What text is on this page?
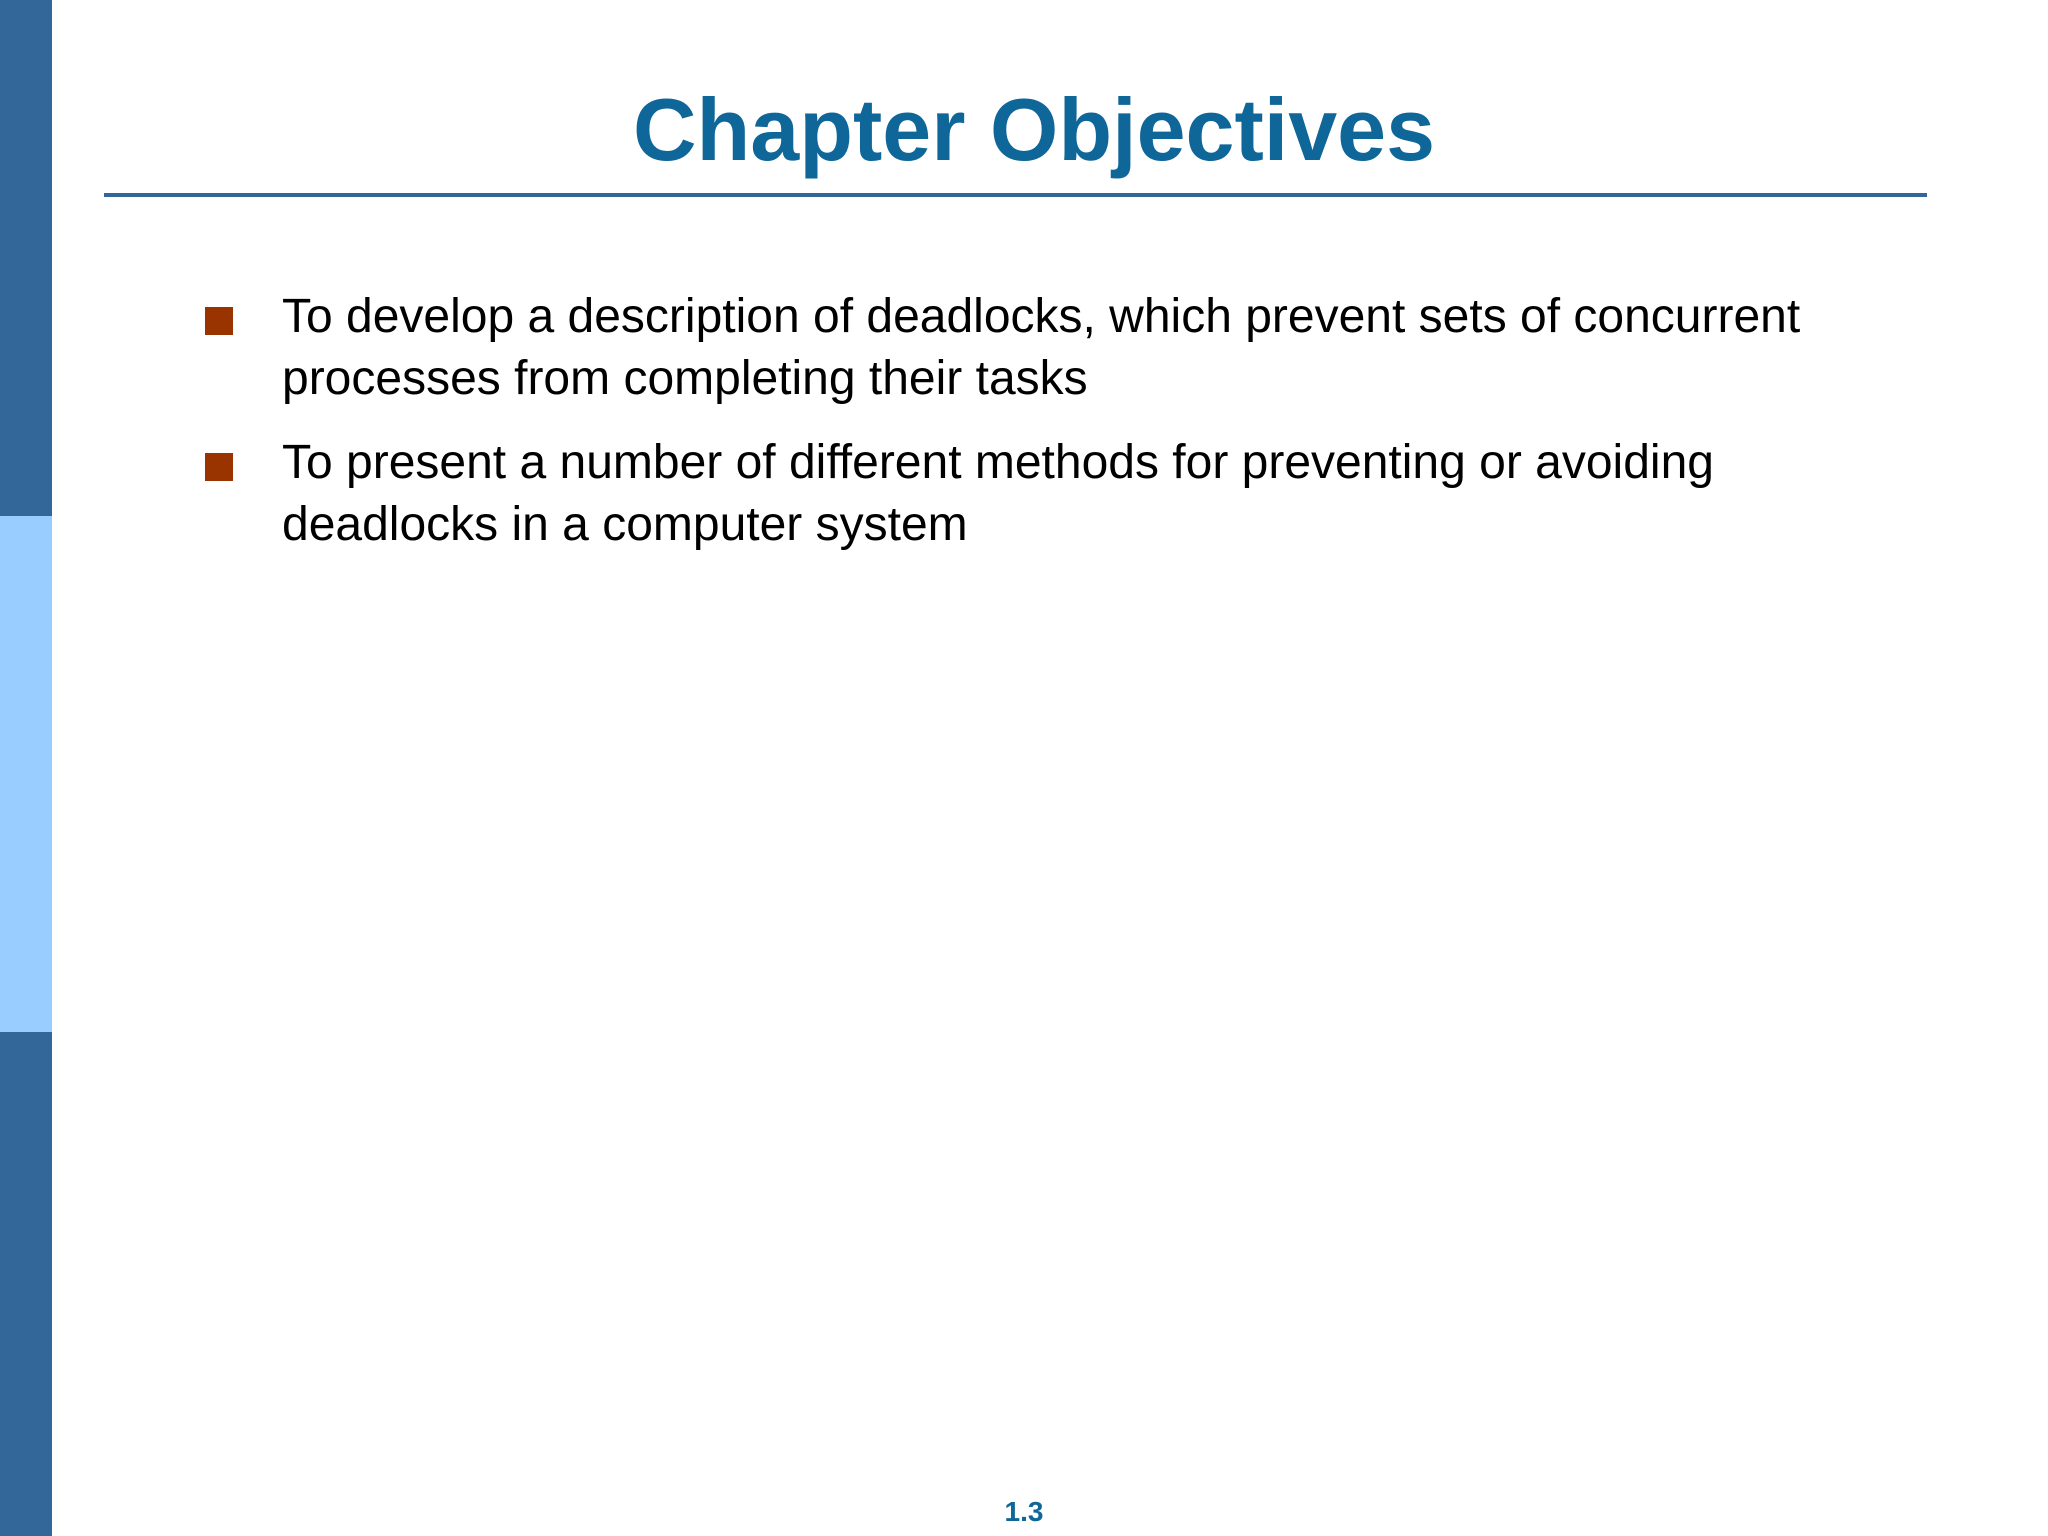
Chapter Objectives
To develop a description of deadlocks, which prevent sets of concurrent processes from completing their tasks
To present a number of different methods for preventing or avoiding deadlocks in a computer system
1.3
